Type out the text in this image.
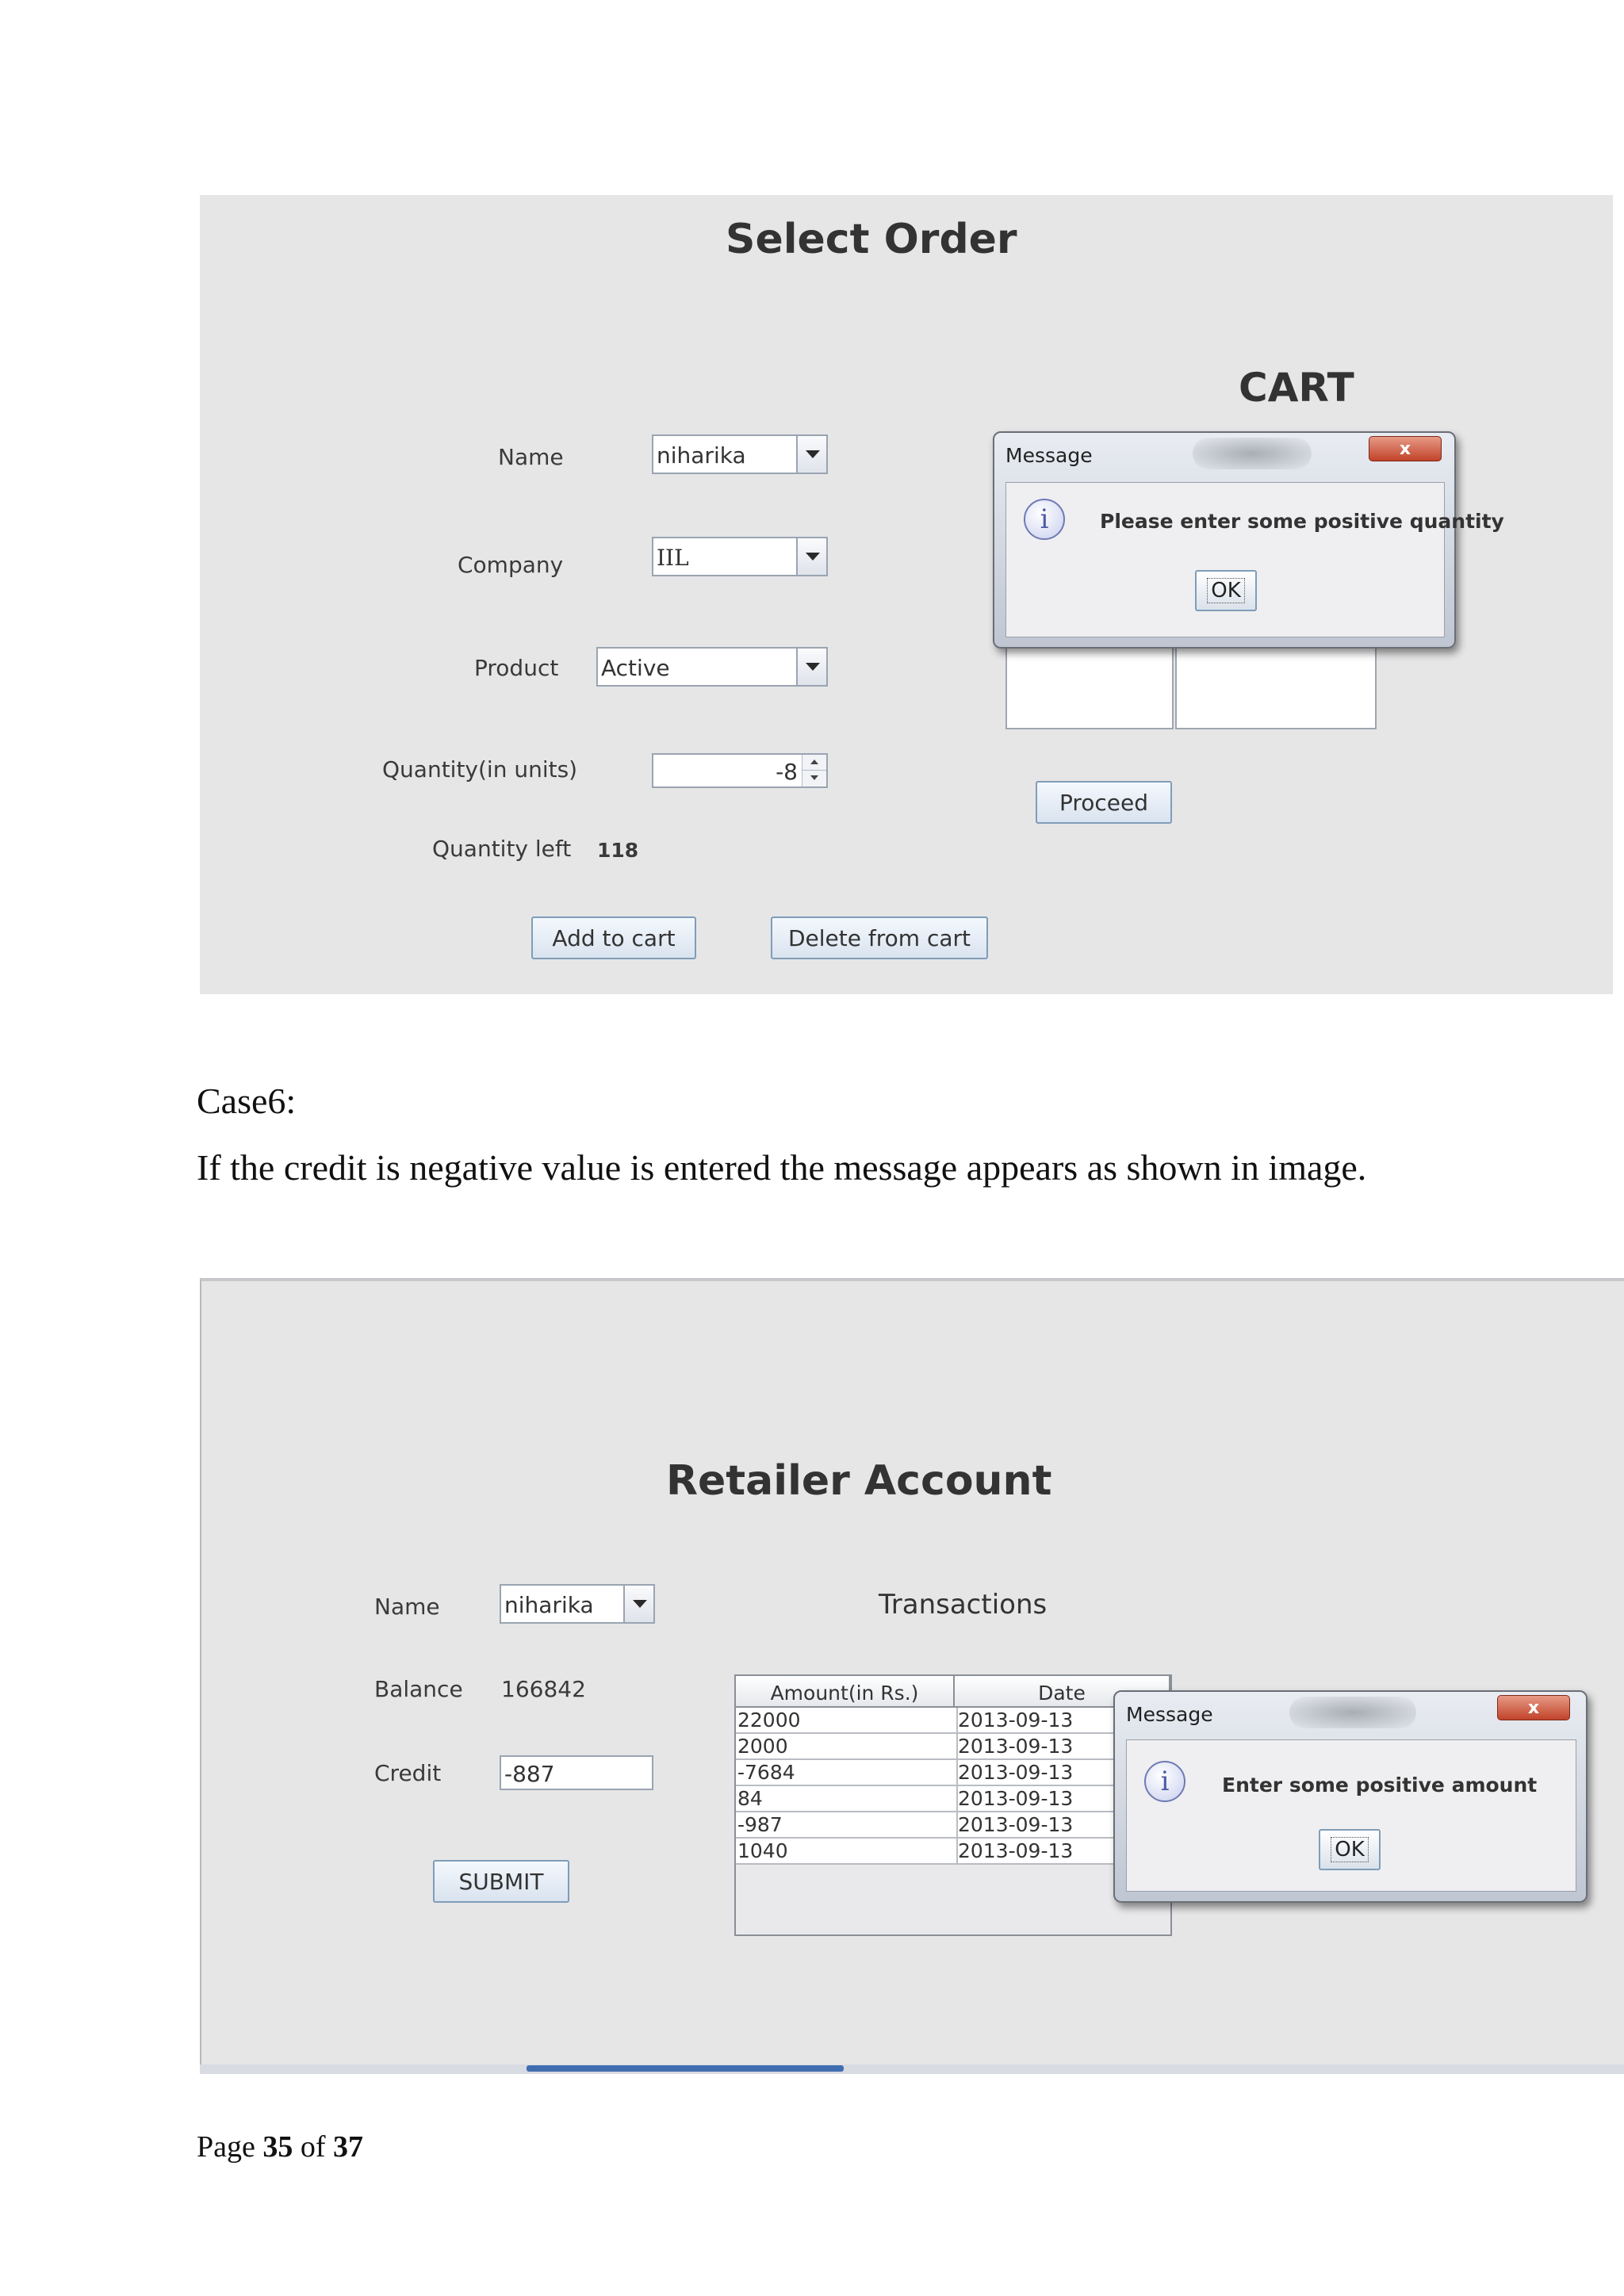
Select Order
CART
Name	niharika
Company	IIL
Product Active
Quantity(in units)	-8
Quantity left 118
Add to cart	Delete from cart
Proceed
Message	x
i	Please enter some positive quantity
OK
Case6:
If the credit is negative value is entered the message appears as shown in image.
Retailer Account
Name	niharika
Balance 166842
Credit	-887
SUBMIT
Transactions
Amount(in Rs.)	Date
22000	2013-09-13
2000	2013-09-13
-7684	2013-09-13
84	2013-09-13
-987	2013-09-13
1040	2013-09-13
Message	x
i	Enter some positive amount
OK
Page 35 of 37
